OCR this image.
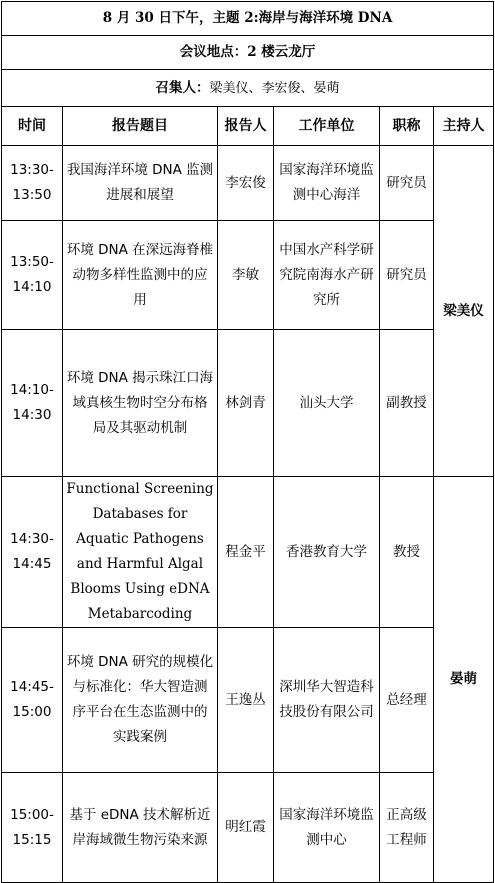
8 月 30 日下午，主题 2:海岸与海洋环境 DNA					
会议地点：2 楼云龙厅					
召集人：梁美仪、李宏俊、晏萌					
时间	报告题目	报告人	工作单位	职称	主持人
13:30-13:50	我国海洋环境 DNA 监测进展和展望	李宏俊	国家海洋环境监测中心海洋	研究员	梁美仪
13:50-14:10	环境 DNA 在深远海脊椎动物多样性监测中的应用	李敏	中国水产科学研究院南海水产研究所	研究员	
14:10-14:30	环境 DNA 揭示珠江口海域真核生物时空分布格局及其驱动机制	林剑青	汕头大学	副教授	
14:30-14:45	Functional Screening Databases for Aquatic Pathogens and Harmful Algal Blooms Using eDNA Metabarcoding	程金平	香港教育大学	教授	晏萌
14:45-15:00	环境 DNA 研究的规模化与标准化：华大智造测序平台在生态监测中的实践案例	王逸丛	深圳华大智造科技股份有限公司	总经理	
15:00-15:15	基于 eDNA 技术解析近岸海域微生物污染来源	明红霞	国家海洋环境监测中心	正高级工程师	
